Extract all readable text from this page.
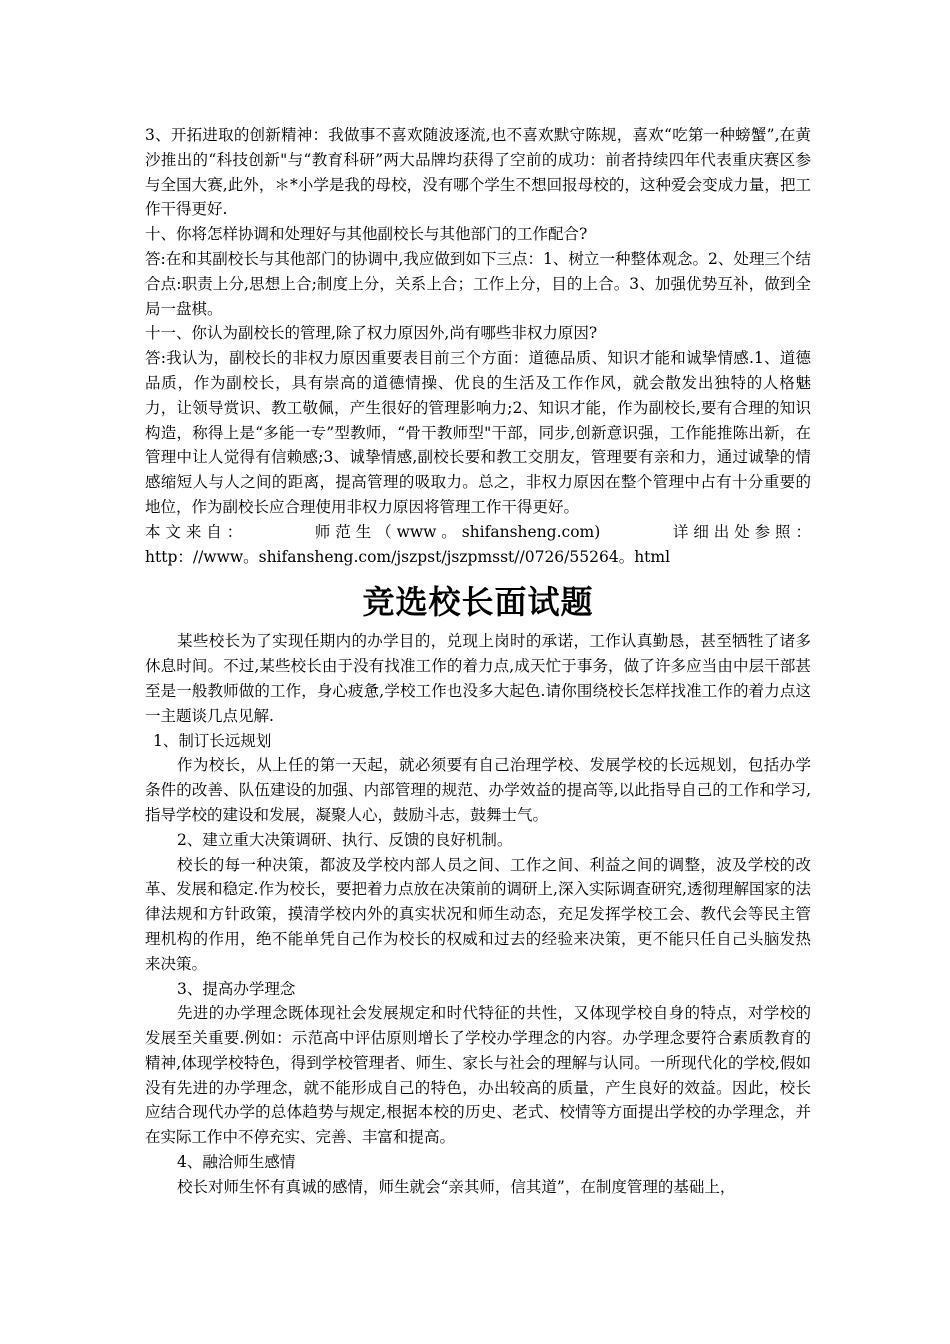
3、开拓进取的创新精神：我做事不喜欢随波逐流,也不喜欢默守陈规，喜欢“吃第一种螃蟹”,在黄沙推出的“科技创新"与“教育科研”两大品牌均获得了空前的成功：前者持续四年代表重庆赛区参与全国大赛,此外，＊*小学是我的母校，没有哪个学生不想回报母校的，这种爱会变成力量，把工作干得更好.

十、你将怎样协调和处理好与其他副校长与其他部门的工作配合?

答:在和其副校长与其他部门的协调中,我应做到如下三点：1、树立一种整体观念。2、处理三个结合点:职责上分,思想上合;制度上分，关系上合；工作上分，目的上合。3、加强优势互补，做到全局一盘棋。

十一、你认为副校长的管理,除了权力原因外,尚有哪些非权力原因?

答:我认为，副校长的非权力原因重要表目前三个方面：道德品质、知识才能和诚挚情感.1、道德品质，作为副校长，具有崇高的道德情操、优良的生活及工作作风，就会散发出独特的人格魅力，让领导赏识、教工敬佩，产生很好的管理影响力;2、知识才能，作为副校长,要有合理的知识构造，称得上是“多能一专”型教师，“骨干教师型"干部，同步,创新意识强，工作能推陈出新，在管理中让人觉得有信赖感;3、诚挚情感,副校长要和教工交朋友，管理要有亲和力，通过诚挚的情感缩短人与人之间的距离，提高管理的吸取力。总之，非权力原因在整个管理中占有十分重要的地位，作为副校长应合理使用非权力原因将管理工作干得更好。

本 文 来 自 ：	师 范 生 （ www 。 shifansheng.com)	详 细 出 处 参 照 ：

http：//www。shifansheng.com/jszpst/jszpmsst//0726/55264。html

竞选校长面试题

某些校长为了实现任期内的办学目的，兑现上岗时的承诺，工作认真勤恳，甚至牺牲了诸多休息时间。不过,某些校长由于没有找准工作的着力点,成天忙于事务，做了许多应当由中层干部甚至是一般教师做的工作，身心疲惫,学校工作也没多大起色.请你围绕校长怎样找准工作的着力点这一主题谈几点见解.

1、制订长远规划

作为校长，从上任的第一天起，就必须要有自己治理学校、发展学校的长远规划，包括办学条件的改善、队伍建设的加强、内部管理的规范、办学效益的提高等,以此指导自己的工作和学习,指导学校的建设和发展，凝聚人心，鼓励斗志，鼓舞士气。

2、建立重大决策调研、执行、反馈的良好机制。

校长的每一种决策，都波及学校内部人员之间、工作之间、利益之间的调整，波及学校的改革、发展和稳定.作为校长，要把着力点放在决策前的调研上,深入实际调查研究,透彻理解国家的法律法规和方针政策，摸清学校内外的真实状况和师生动态，充足发挥学校工会、教代会等民主管理机构的作用，绝不能单凭自己作为校长的权威和过去的经验来决策，更不能只任自己头脑发热来决策。

3、提高办学理念

先进的办学理念既体现社会发展规定和时代特征的共性，又体现学校自身的特点，对学校的发展至关重要.例如：示范高中评估原则增长了学校办学理念的内容。办学理念要符合素质教育的精神,体现学校特色，得到学校管理者、师生、家长与社会的理解与认同。一所现代化的学校,假如没有先进的办学理念，就不能形成自己的特色，办出较高的质量，产生良好的效益。因此，校长应结合现代办学的总体趋势与规定,根据本校的历史、老式、校情等方面提出学校的办学理念，并在实际工作中不停充实、完善、丰富和提高。

4、融洽师生感情

校长对师生怀有真诚的感情，师生就会“亲其师，信其道”，在制度管理的基础上，
